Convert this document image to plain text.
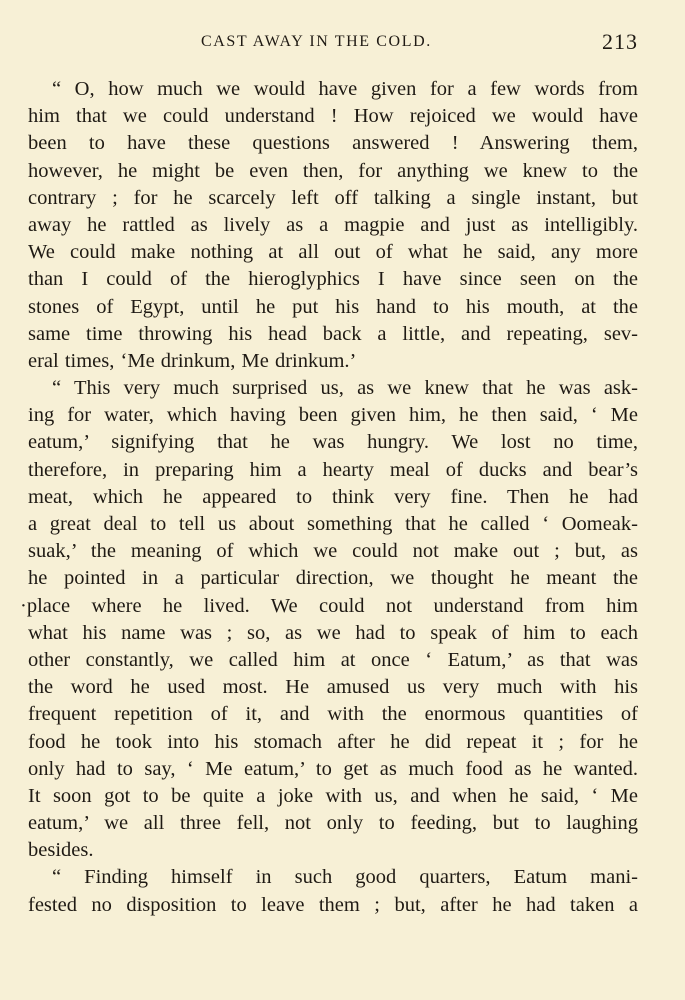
CAST AWAY IN THE COLD.	213
“ O, how much we would have given for a few words from
him that we could understand ! How rejoiced we would have
been to have these questions answered ! Answering them,
however, he might be even then, for anything we knew to the
contrary ; for he scarcely left off talking a single instant, but
away he rattled as lively as a magpie and just as intelligibly.
We could make nothing at all out of what he said, any more
than I could of the hieroglyphics I have since seen on the
stones of Egypt, until he put his hand to his mouth, at the
same time throwing his head back a little, and repeating, sev-
eral times, ‘Me drinkum, Me drinkum.’
“ This very much surprised us, as we knew that he was ask-
ing for water, which having been given him, he then said, ‘ Me
eatum,’ signifying that he was hungry. We lost no time,
therefore, in preparing him a hearty meal of ducks and bear’s
meat, which he appeared to think very fine. Then he had
a great deal to tell us about something that he called ‘ Oomeak-
suak,’ the meaning of which we could not make out ; but, as
he pointed in a particular direction, we thought he meant the
·place where he lived. We could not understand from him
what his name was ; so, as we had to speak of him to each
other constantly, we called him at once ‘ Eatum,’ as that was
the word he used most. He amused us very much with his
frequent repetition of it, and with the enormous quantities of
food he took into his stomach after he did repeat it ; for he
only had to say, ‘ Me eatum,’ to get as much food as he wanted.
It soon got to be quite a joke with us, and when he said, ‘ Me
eatum,’ we all three fell, not only to feeding, but to laughing
besides.
“ Finding himself in such good quarters, Eatum mani-
fested no disposition to leave them ; but, after he had taken a
